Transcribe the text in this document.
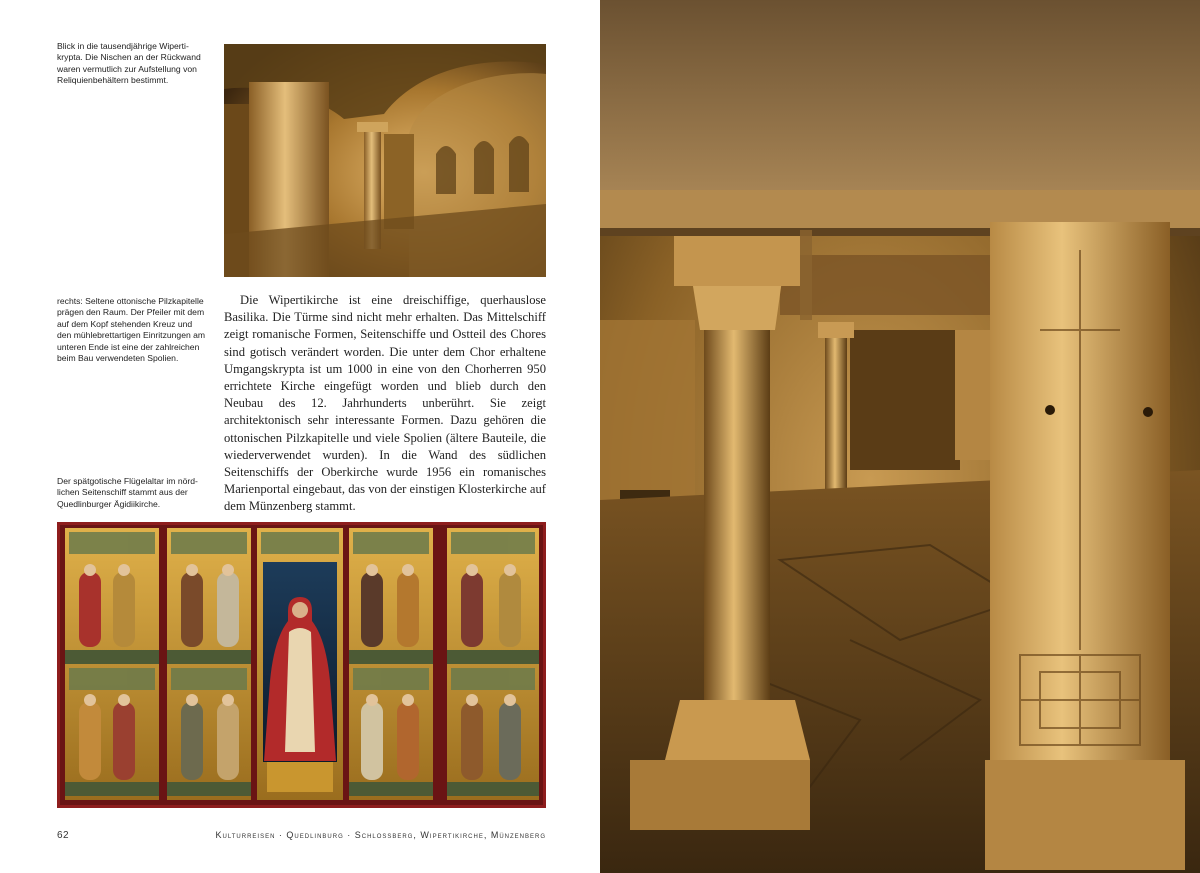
Blick in die tausendjährige Wipertikrypta. Die Nischen an der Rückwand waren vermutlich zur Aufstellung von Reliquienbehältern bestimmt.

rechts: Seltene ottonische Pilzkapitelle prägen den Raum. Der Pfeiler mit dem auf dem Kopf stehenden Kreuz und den mühlebrettartigen Einritzungen am unteren Ende ist eine der zahlreichen beim Bau verwendeten Spolien.

Die Wipertikirche ist eine dreischiffige, querhauslose Basilika. Die Türme sind nicht mehr erhalten. Das Mittelschiff zeigt romanische Formen, Seitenschiffe und Ostteil des Chores sind gotisch verändert worden. Die unter dem Chor erhaltene Umgangskrypta ist um 1000 in eine von den Chorherren 950 errichtete Kirche eingefügt worden und blieb durch den Neubau des 12. Jahrhunderts unberührt. Sie zeigt architektonisch sehr interessante Formen. Dazu gehören die ottonischen Pilzkapitelle und viele Spolien (ältere Bauteile, die wiederverwendet wurden). In die Wand des südlichen Seitenschiffs der Oberkirche wurde 1956 ein romanisches Marienportal eingebaut, das von der einstigen Klosterkirche auf dem Münzenberg stammt.

Der spätgotische Flügelaltar im nördlichen Seitenschiff stammt aus der Quedlinburger Ägidiikirche.

62	Kulturreisen · Quedlinburg · Schlossberg, Wipertikirche, Münzenberg
